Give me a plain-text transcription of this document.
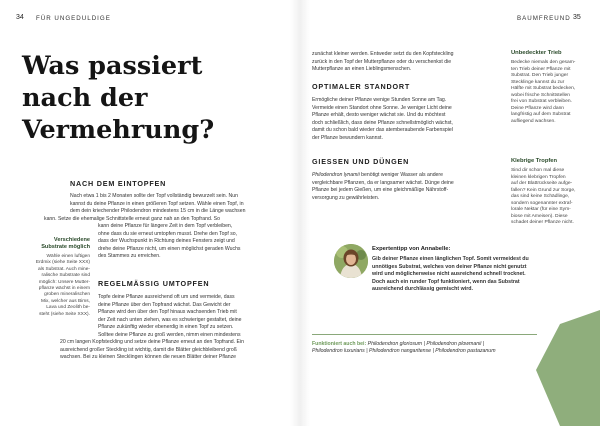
34 FÜR UNGEDULDIGE
Was passiert
nach der
Vermehrung?
NACH DEM EINTOPFEN
Nach etwa 1 bis 2 Monaten sollte der Topf vollständig bewurzelt sein. Nun
kannst du deine Pflanze in einen größeren Topf setzen. Wähle einen Topf, in
dem dein kriechender Philodendron mindestens 15 cm in die Länge wachsen
kann. Setze die ehemalige Schnittstelle erneut ganz nah an den Topfrand. So
kann deine Pflanze für längere Zeit in dem Topf verbleiben,
ohne dass du sie erneut umtopfen musst. Drehe den Topf so,
dass der Wuchspunkt in Richtung deines Fensters zeigt und
drehe deine Pflanze nicht, um einen möglichst geraden Wuchs
des Stammes zu erreichen.
Verschiedene
Substrate möglich
Wähle einen luftigen
Erdmix (siehe Seite XXX)
als Substrat. Auch mine-
ralische Substrate sind
möglich: Unsere Mutter-
pflanze wächst in einem
groben mineralischen
Mix, welcher aus Bims,
Lava und Zeolith be-
steht (siehe Seite XXX).
REGELMÄSSIG UMTOPFEN
Topfe deine Pflanze ausreichend oft um und vermeide, dass
deine Pflanze über den Topfrand wächst. Das Gewicht der
Pflanze wird den über den Topf hinaus wachsenden Trieb mit
der Zeit nach unten ziehen, was es schwieriger gestaltet, deine
Pflanze zukünftig wieder ebenerdig in einen Topf zu setzen.
Solltee deine Pflanze zu groß werden, nimm einen mindestens
20 cm langen Kopfsteckling und setze deine Pflanze erneut an den Topfrand. Ein
ausreichend großer Steckling ist wichtig, damit die Blätter gleichbleibend groß
wachsen. Bei zu kleinen Stecklingen können die neuen Blätter deiner Pflanze
BAUMFREUND 35
zunächst kleiner werden. Entweder setzt du den Kopfsteckling
zurück in den Topf der Mutterpflanze oder du verschenkst die
Mutterpflanze an einen Lieblingsmenschen.
OPTIMALER STANDORT
Ermögliche deiner Pflanze wenige Stunden Sonne am Tag.
Vermeide einen Standort ohne Sonne. Je weniger Licht deine
Pflanze erhält, desto weniger wächst sie. Und du möchtest
doch schließlich, dass deine Pflanze schnellstmöglich wächst,
damit du schon bald wieder das atemberaubende Farbenspiel
der Pflanze bewundern kannst.
GIESSEN UND DÜNGEN
Philodendron lynamii benötigt weniger Wasser als andere
vergleichbare Pflanzen, da er langsamer wächst. Dünge deine
Pflanze bei jedem Gießen, um eine gleichmäßige Nährstoff-
versorgung zu gewährleisten.
Unbedeckter Trieb
Bedecke niemals den gesam-
ten Trieb deiner Pflanze mit
Substrat. Den Trieb junger
Stecklinge kannst du zur
Hälfte mit Substrat bedecken,
wobei frische Schnittstellen
frei von Substrat verbleiben.
Deine Pflanze wird dann
langfristig auf dem Substrat
aufliegend wachsen.
Klebrige Tropfen
Sind dir schon mal diese
kleinen klebrigen Tropfen
auf der Blattrückseite aufge-
fallen? Kein Grund zur Sorge,
das sind keine Schädlinge,
sondern sogenannter extraf-
lorale Nektar (für eine Sym-
biose mit Ameisen). Diese
schadet deiner Pflanze nicht.
Expertentipp von Annabelle:
Gib deiner Pflanze einen länglichen Topf. Somit vermeidest du
unnötiges Substrat, welches von deiner Pflanze nicht genutzt
wird und möglicherweise nicht ausreichend schnell trocknet.
Doch auch ein runder Topf funktioniert, wenn das Substrat
ausreichend durchlässig gemischt wird.
Funktioniert auch bei: Philodendron gloriosum | Philodendron plowmanii |
Philodendron luxurians | Philodendron nangaritense | Philodendron pastazanum
